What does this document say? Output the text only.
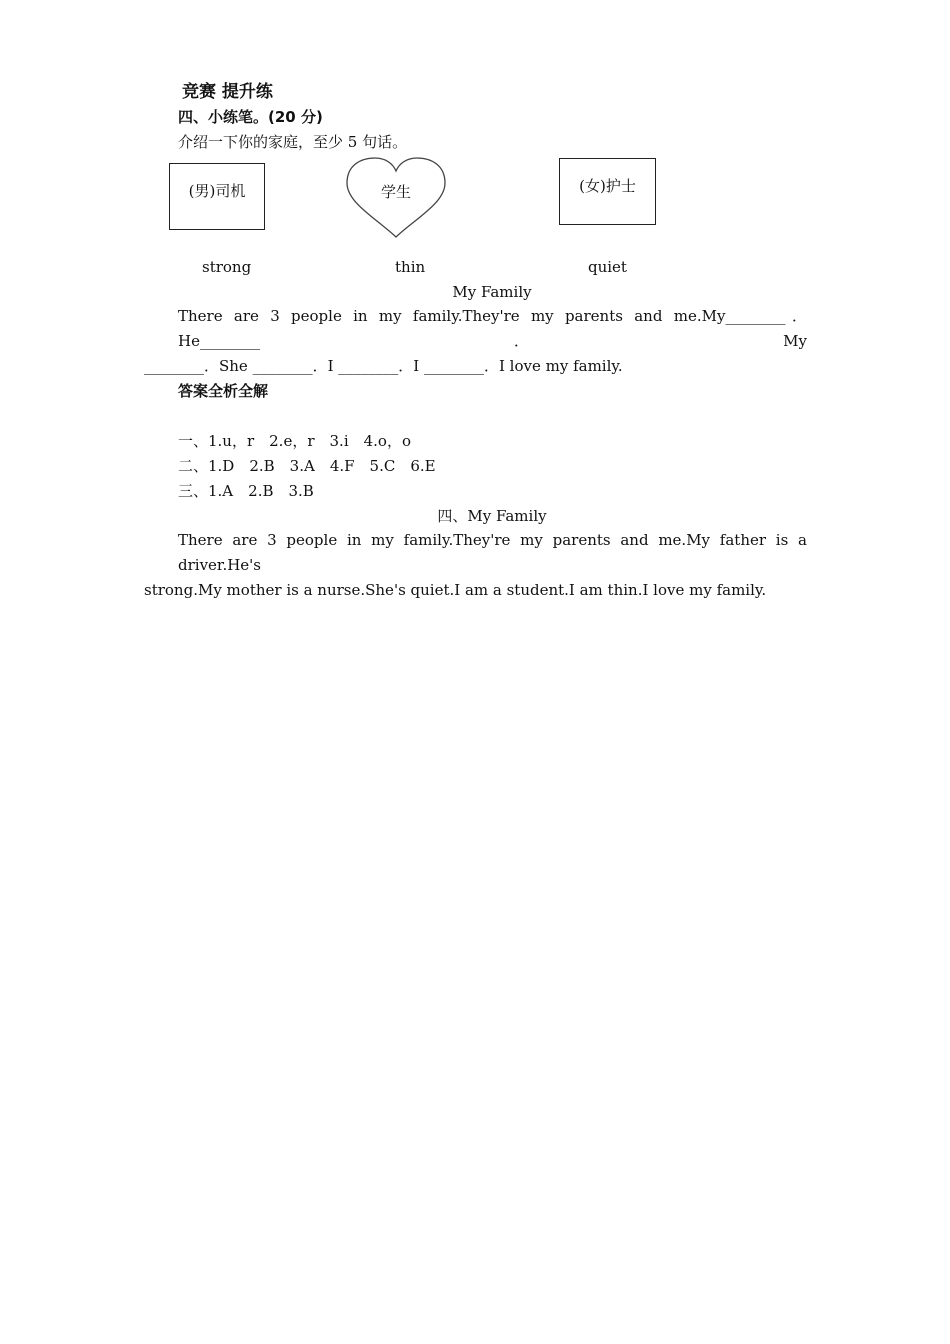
竞赛 提升练
四、小练笔。(20 分)
介绍一下你的家庭，至少 5 句话。
(男)司机	学生	(女)护士
strong	thin	quiet
My Family
There are 3 people in my family.They're my parents and me.My________．He________．My
________．She ________．I ________．I ________．I love my family.
答案全析全解
一、1.u，r　2.e，r　3.i　4.o，o
二、1.D　2.B　3.A　4.F　5.C　6.E
三、1.A　2.B　3.B
四、My Family
There are 3 people in my family.They're my parents and me.My father is a driver.He's
strong.My mother is a nurse.She's quiet.I am a student.I am thin.I love my family.
